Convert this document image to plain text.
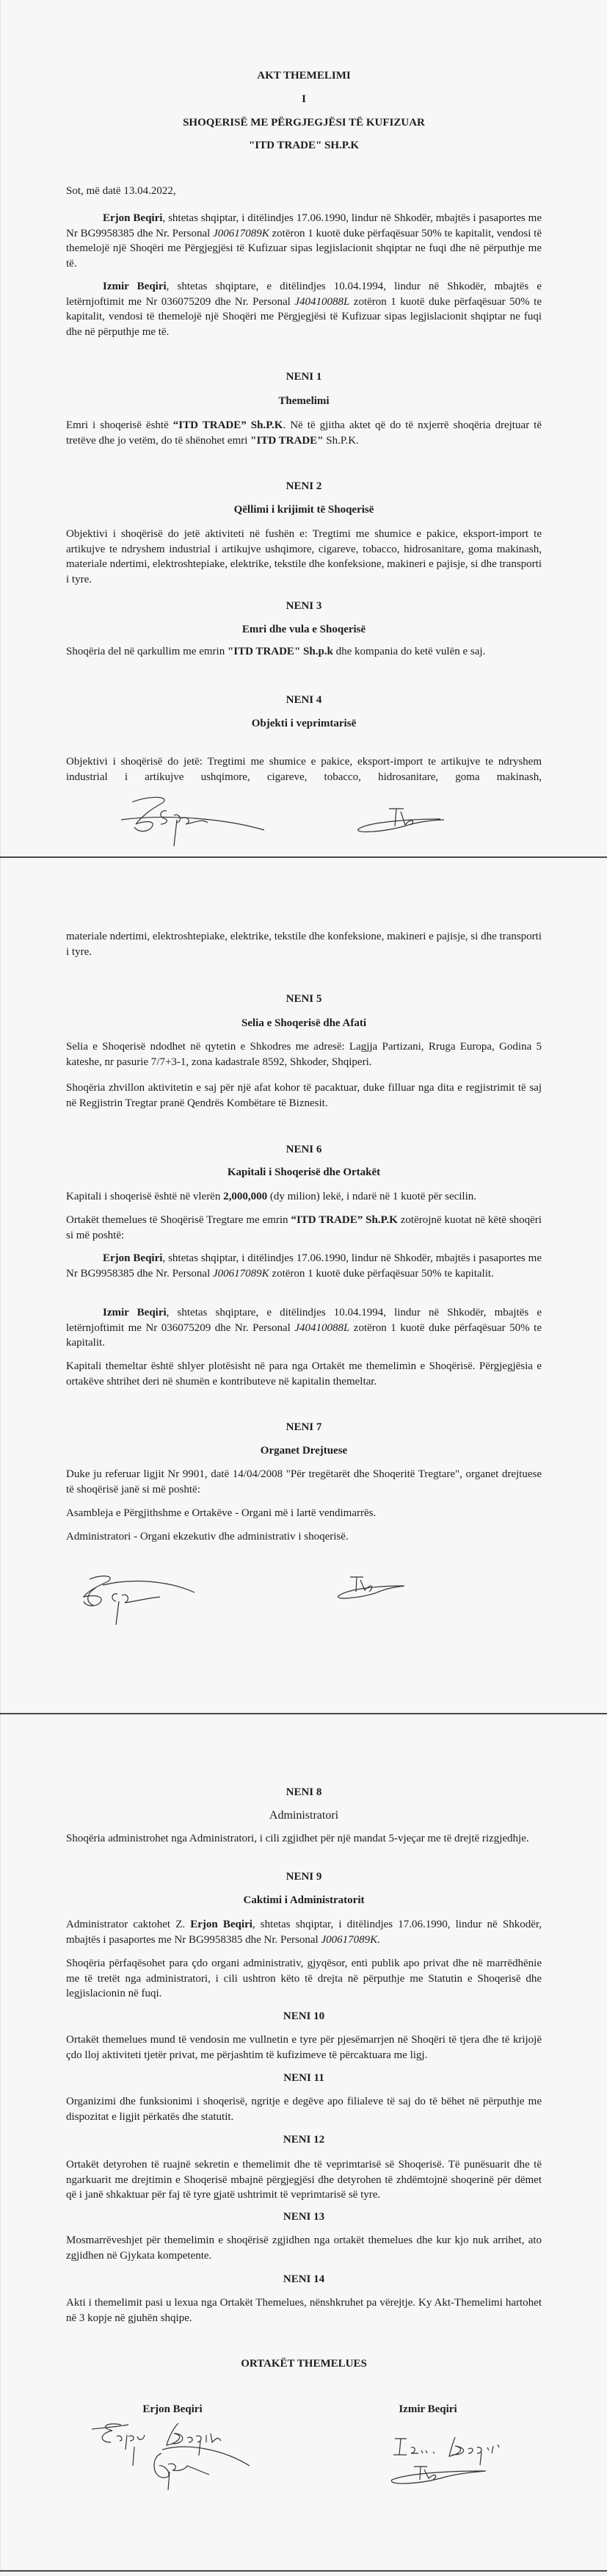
AKT THEMELIMI
I
SHOQERISË ME PËRGJEGJËSI TË KUFIZUAR
"ITD TRADE" SH.P.K
Sot, më datë 13.04.2022,
Erjon Beqiri, shtetas shqiptar, i ditëlindjes 17.06.1990, lindur në Shkodër, mbajtës i pasaportes me Nr BG9958385 dhe Nr. Personal J00617089K zotëron 1 kuotë duke përfaqësuar 50% te kapitalit, vendosi të themelojë një Shoqëri me Përgjegjësi të Kufizuar sipas legjislacionit shqiptar ne fuqi dhe në përputhje me të.
Izmir Beqiri, shtetas shqiptare, e ditëlindjes 10.04.1994, lindur në Shkodër, mbajtës e letërnjoftimit me Nr 036075209 dhe Nr. Personal J40410088L zotëron 1 kuotë duke përfaqësuar 50% te kapitalit, vendosi të themelojë një Shoqëri me Përgjegjësi të Kufizuar sipas legjislacionit shqiptar ne fuqi dhe në përputhje me të.
NENI 1
Themelimi
Emri i shoqerisë është “ITD TRADE” Sh.P.K. Në të gjitha aktet që do të nxjerrë shoqëria drejtuar të tretëve dhe jo vetëm, do të shënohet emri "ITD TRADE" Sh.P.K.
NENI 2
Qëllimi i krijimit të Shoqerisë
Objektivi i shoqërisë do jetë aktiviteti në fushën e: Tregtimi me shumice e pakice, eksport-import te artikujve te ndryshem industrial i artikujve ushqimore, cigareve, tobacco, hidrosanitare, goma makinash, materiale ndertimi, elektroshtepiake, elektrike, tekstile dhe konfeksione, makineri e pajisje, si dhe transporti i tyre.
NENI 3
Emri dhe vula e Shoqerisë
Shoqëria del në qarkullim me emrin "ITD TRADE" Sh.p.k dhe kompania do ketë vulën e saj.
NENI 4
Objekti i veprimtarisë
Objektivi i shoqërisë do jetë: Tregtimi me shumice e pakice, eksport-import te artikujve te ndryshem industrial i artikujve ushqimore, cigareve, tobacco, hidrosanitare, goma makinash,
materiale ndertimi, elektroshtepiake, elektrike, tekstile dhe konfeksione, makineri e pajisje, si dhe transporti i tyre.
NENI 5
Selia e Shoqerisë dhe Afati
Selia e Shoqerisë ndodhet në qytetin e Shkodres me adresë: Lagjja Partizani, Rruga Europa, Godina 5 kateshe, nr pasurie 7/7+3-1, zona kadastrale 8592, Shkoder, Shqiperi.
Shoqëria zhvillon aktivitetin e saj për një afat kohor të pacaktuar, duke filluar nga dita e regjistrimit të saj në Regjistrin Tregtar pranë Qendrës Kombëtare të Biznesit.
NENI 6
Kapitali i Shoqerisë dhe Ortakët
Kapitali i shoqerisë është në vlerën 2,000,000 (dy milion) lekë, i ndarë në 1 kuotë për secilin.
Ortakët themelues të Shoqërisë Tregtare me emrin “ITD TRADE” Sh.P.K zotërojnë kuotat në këtë shoqëri si më poshtë:
Erjon Beqiri, shtetas shqiptar, i ditëlindjes 17.06.1990, lindur në Shkodër, mbajtës i pasaportes me Nr BG9958385 dhe Nr. Personal J00617089K zotëron 1 kuotë duke përfaqësuar 50% te kapitalit.
Izmir Beqiri, shtetas shqiptare, e ditëlindjes 10.04.1994, lindur në Shkodër, mbajtës e letërnjoftimit me Nr 036075209 dhe Nr. Personal J40410088L zotëron 1 kuotë duke përfaqësuar 50% te kapitalit.
Kapitali themeltar është shlyer plotësisht në para nga Ortakët me themelimin e Shoqërisë. Përgjegjësia e ortakëve shtrihet deri në shumën e kontributeve në kapitalin themeltar.
NENI 7
Organet Drejtuese
Duke ju referuar ligjit Nr 9901, datë 14/04/2008 "Për tregëtarët dhe Shoqeritë Tregtare", organet drejtuese të shoqërisë janë si më poshtë:
Asambleja e Përgjithshme e Ortakëve - Organi më i lartë vendimarrës.
Administratori - Organi ekzekutiv dhe administrativ i shoqerisë.
NENI 8
Administratori
Shoqëria administrohet nga Administratori, i cili zgjidhet për një mandat 5-vjeçar me të drejtë rizgjedhje.
NENI 9
Caktimi i Administratorit
Administrator caktohet Z. Erjon Beqiri, shtetas shqiptar, i ditëlindjes 17.06.1990, lindur në Shkodër, mbajtës i pasaportes me Nr BG9958385 dhe Nr. Personal J00617089K.
Shoqëria përfaqësohet para çdo organi administrativ, gjyqësor, enti publik apo privat dhe në marrëdhënie me të tretët nga administratori, i cili ushtron këto të drejta në përputhje me Statutin e Shoqerisë dhe legjislacionin në fuqi.
NENI 10
Ortakët themelues mund të vendosin me vullnetin e tyre për pjesëmarrjen në Shoqëri të tjera dhe të krijojë çdo lloj aktiviteti tjetër privat, me përjashtim të kufizimeve të përcaktuara me ligj.
NENI 11
Organizimi dhe funksionimi i shoqerisë, ngritje e degëve apo filialeve të saj do të bëhet në përputhje me dispozitat e ligjit përkatës dhe statutit.
NENI 12
Ortakët detyrohen të ruajnë sekretin e themelimit dhe të veprimtarisë së Shoqerisë. Të punësuarit dhe të ngarkuarit me drejtimin e Shoqerisë mbajnë përgjegjësi dhe detyrohen të zhdëmtojnë shoqerinë për dëmet që i janë shkaktuar për faj të tyre gjatë ushtrimit të veprimtarisë së tyre.
NENI 13
Mosmarrëveshjet për themelimin e shoqërisë zgjidhen nga ortakët themelues dhe kur kjo nuk arrihet, ato zgjidhen në Gjykata kompetente.
NENI 14
Akti i themelimit pasi u lexua nga Ortakët Themelues, nënshkruhet pa vërejtje. Ky Akt-Themelimi hartohet në 3 kopje në gjuhën shqipe.
ORTAKËT THEMELUES
Erjon Beqiri	Izmir Beqiri
